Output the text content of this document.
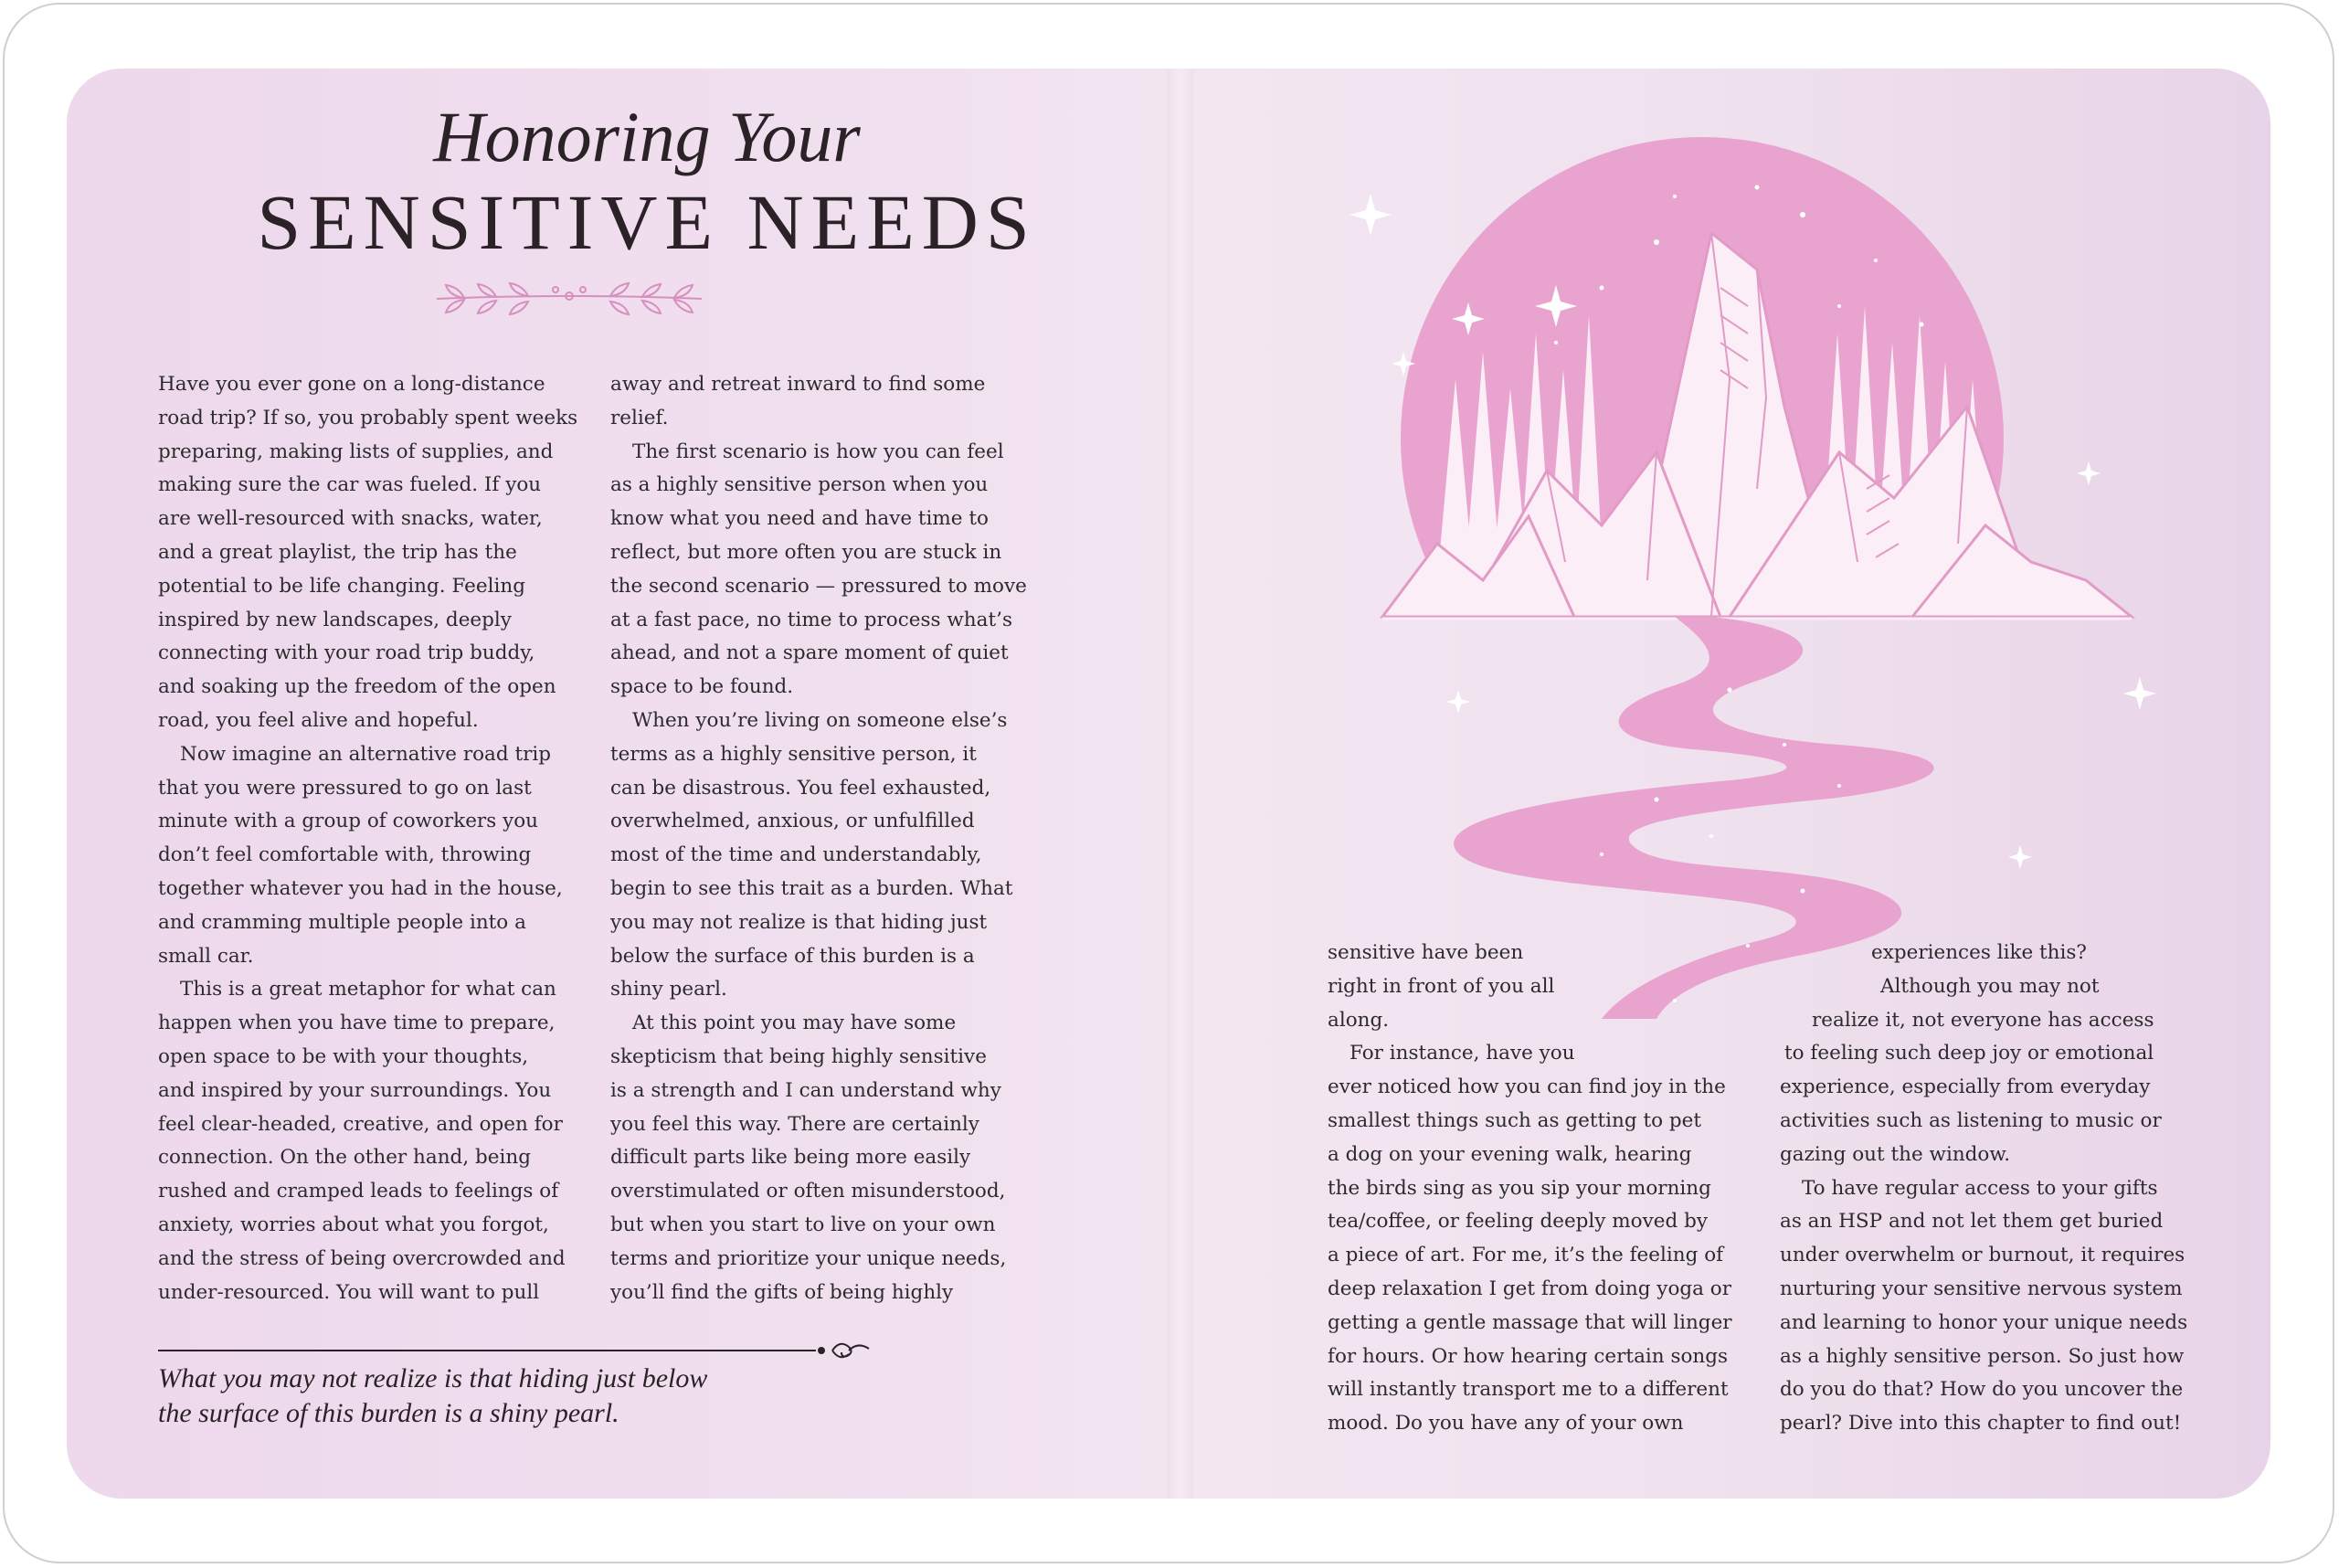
Honoring Your
SENSITIVE NEEDS

Have you ever gone on a long-distance

road trip? If so, you probably spent weeks

preparing, making lists of supplies, and

making sure the car was fueled. If you

are well-resourced with snacks, water,

and a great playlist, the trip has the

potential to be life changing. Feeling

inspired by new landscapes, deeply

connecting with your road trip buddy,

and soaking up the freedom of the open

road, you feel alive and hopeful.

Now imagine an alternative road trip

that you were pressured to go on last

minute with a group of coworkers you

don’t feel comfortable with, throwing

together whatever you had in the house,

and cramming multiple people into a

small car.

This is a great metaphor for what can

happen when you have time to prepare,

open space to be with your thoughts,

and inspired by your surroundings. You

feel clear-headed, creative, and open for

connection. On the other hand, being

rushed and cramped leads to feelings of

anxiety, worries about what you forgot,

and the stress of being overcrowded and

under-resourced. You will want to pull

away and retreat inward to find some

relief.

The first scenario is how you can feel

as a highly sensitive person when you

know what you need and have time to

reflect, but more often you are stuck in

the second scenario — pressured to move

at a fast pace, no time to process what’s

ahead, and not a spare moment of quiet

space to be found.

When you’re living on someone else’s

terms as a highly sensitive person, it

can be disastrous. You feel exhausted,

overwhelmed, anxious, or unfulfilled

most of the time and understandably,

begin to see this trait as a burden. What

you may not realize is that hiding just

below the surface of this burden is a

shiny pearl.

At this point you may have some

skepticism that being highly sensitive

is a strength and I can understand why

you feel this way. There are certainly

difficult parts like being more easily

overstimulated or often misunderstood,

but when you start to live on your own

terms and prioritize your unique needs,

you’ll find the gifts of being highly

sensitive have been

right in front of you all

along.

For instance, have you

ever noticed how you can find joy in the

smallest things such as getting to pet

a dog on your evening walk, hearing

the birds sing as you sip your morning

tea/coffee, or feeling deeply moved by

a piece of art. For me, it’s the feeling of

deep relaxation I get from doing yoga or

getting a gentle massage that will linger

for hours. Or how hearing certain songs

will instantly transport me to a different

mood. Do you have any of your own

experiences like this?

Although you may not

realize it, not everyone has access

to feeling such deep joy or emotional

experience, especially from everyday

activities such as listening to music or

gazing out the window.

To have regular access to your gifts

as an HSP and not let them get buried

under overwhelm or burnout, it requires

nurturing your sensitive nervous system

and learning to honor your unique needs

as a highly sensitive person. So just how

do you do that? How do you uncover the

pearl? Dive into this chapter to find out!

What you may not realize is that hiding just below

the surface of this burden is a shiny pearl.
